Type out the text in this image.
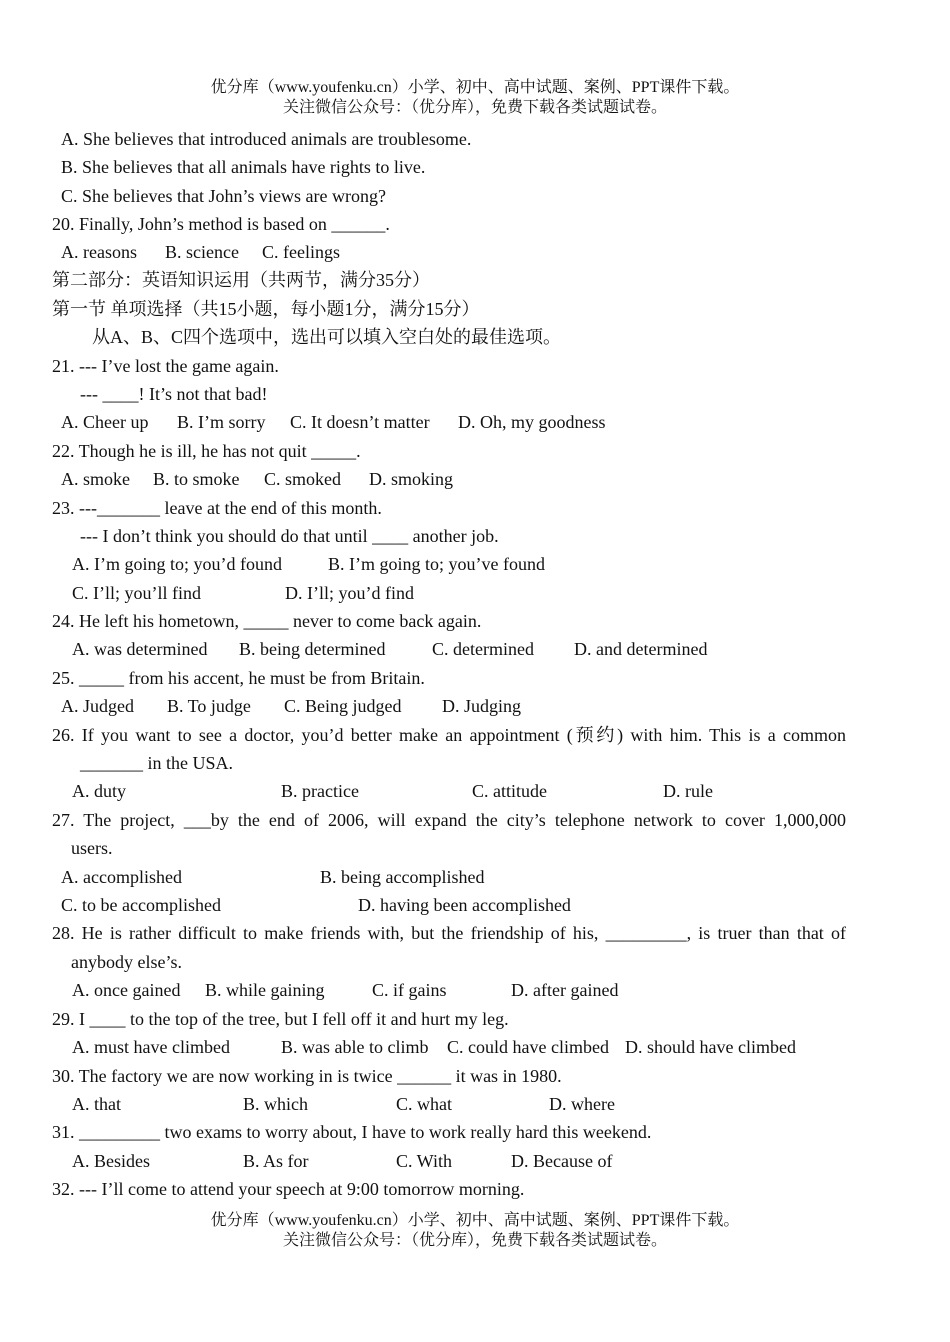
优分库（www.youfenku.cn）小学、初中、高中试题、案例、PPT课件下载。
关注微信公众号：（优分库），免费下载各类试题试卷。
A. She believes that introduced animals are troublesome.
B. She believes that all animals have rights to live.
C. She believes that John’s views are wrong?
20. Finally, John’s method is based on ______.
A. reasons B. science C. feelings
第二部分：英语知识运用（共两节，满分35分）
第一节 单项选择（共15小题，每小题1分，满分15分）
从A、B、C四个选项中，选出可以填入空白处的最佳选项。
21. --- I’ve lost the game again.
--- ____! It’s not that bad!
A. Cheer up B. I’m sorry C. It doesn’t matter D. Oh, my goodness
22. Though he is ill, he has not quit _____.
A. smoke B. to smoke C. smoked D. smoking
23. ---_______ leave at the end of this month.
--- I don’t think you should do that until ____ another job.
A. I’m going to; you’d found	B. I’m going to; you’ve found
C. I’ll; you’ll find	D. I’ll; you’d find
24. He left his hometown, _____ never to come back again.
A. was determined B. being determined	C. determined D. and determined
25. _____ from his accent, he must be from Britain.
A. Judged B. To judge C. Being judged D. Judging
26. If you want to see a doctor, you’d better make an appointment (预约) with him. This is a common
_______ in the USA.
A. duty	B. practice	C. attitude	D. rule
27. The project, ___by the end of 2006, will expand the city’s telephone network to cover 1,000,000
users.
A. accomplished	B. being accomplished
C. to be accomplished	D. having been accomplished
28. He is rather difficult to make friends with, but the friendship of his, _________, is truer than that of
anybody else’s.
A. once gained B. while gaining	C. if gains	D. after gained
29. I ____ to the top of the tree, but I fell off it and hurt my leg.
A. must have climbed	B. was able to climb C. could have climbed D. should have climbed
30. The factory we are now working in is twice ______ it was in 1980.
A. that	B. which	C. what	D. where
31. _________ two exams to worry about, I have to work really hard this weekend.
A. Besides	B. As for	C. With	D. Because of
32. --- I’ll come to attend your speech at 9:00 tomorrow morning.
优分库（www.youfenku.cn）小学、初中、高中试题、案例、PPT课件下载。
关注微信公众号：（优分库），免费下载各类试题试卷。
